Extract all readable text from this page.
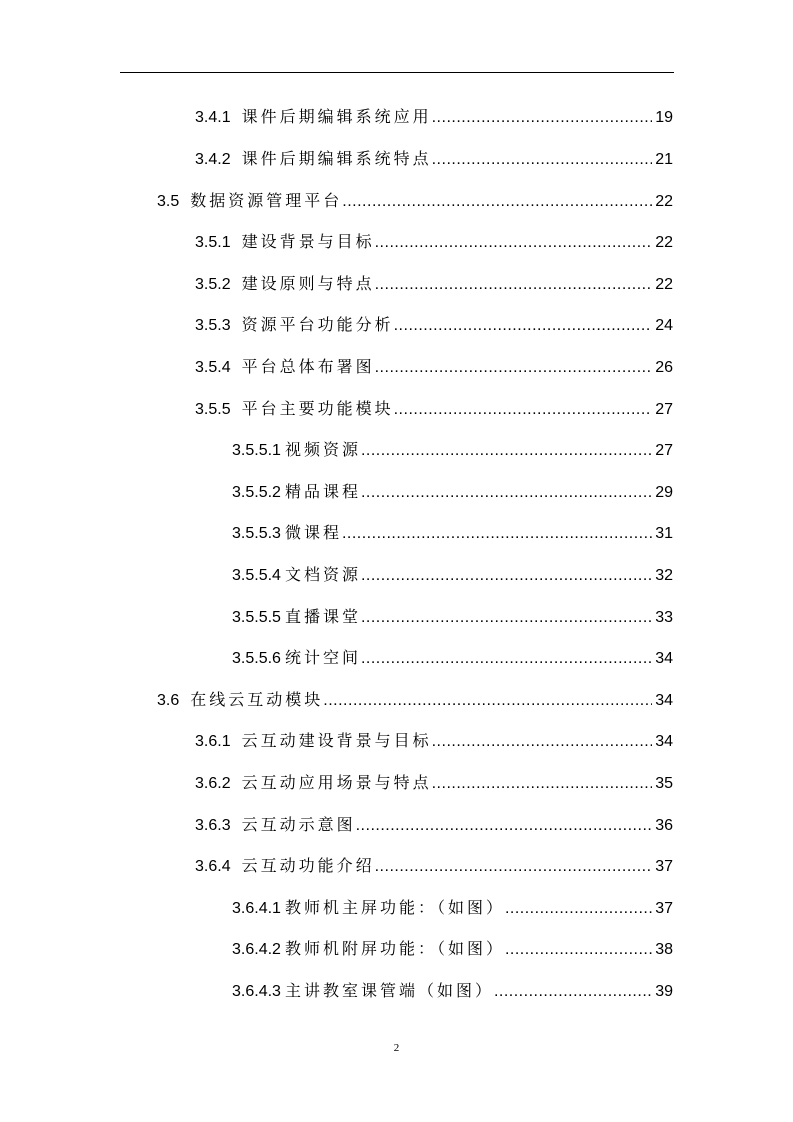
3.4.1 课件后期编辑系统应用 .....	19
3.4.2 课件后期编辑系统特点 .....	21
3.5 数据资源管理平台 .....	22
3.5.1 建设背景与目标 .....	22
3.5.2 建设原则与特点 .....	22
3.5.3 资源平台功能分析 .....	24
3.5.4 平台总体布署图 .....	26
3.5.5 平台主要功能模块 .....	27
3.5.5.1 视频资源 .....	27
3.5.5.2 精品课程 .....	29
3.5.5.3 微课程 .....	31
3.5.5.4 文档资源 .....	32
3.5.5.5 直播课堂 .....	33
3.5.5.6 统计空间 .....	34
3.6 在线云互动模块 .....	34
3.6.1 云互动建设背景与目标 .....	34
3.6.2 云互动应用场景与特点 .....	35
3.6.3 云互动示意图 .....	36
3.6.4 云互动功能介绍 .....	37
3.6.4.1 教师机主屏功能：（如图） .....	37
3.6.4.2 教师机附屏功能：（如图） .....	38
3.6.4.3 主讲教室课管端（如图） .....	39
2
